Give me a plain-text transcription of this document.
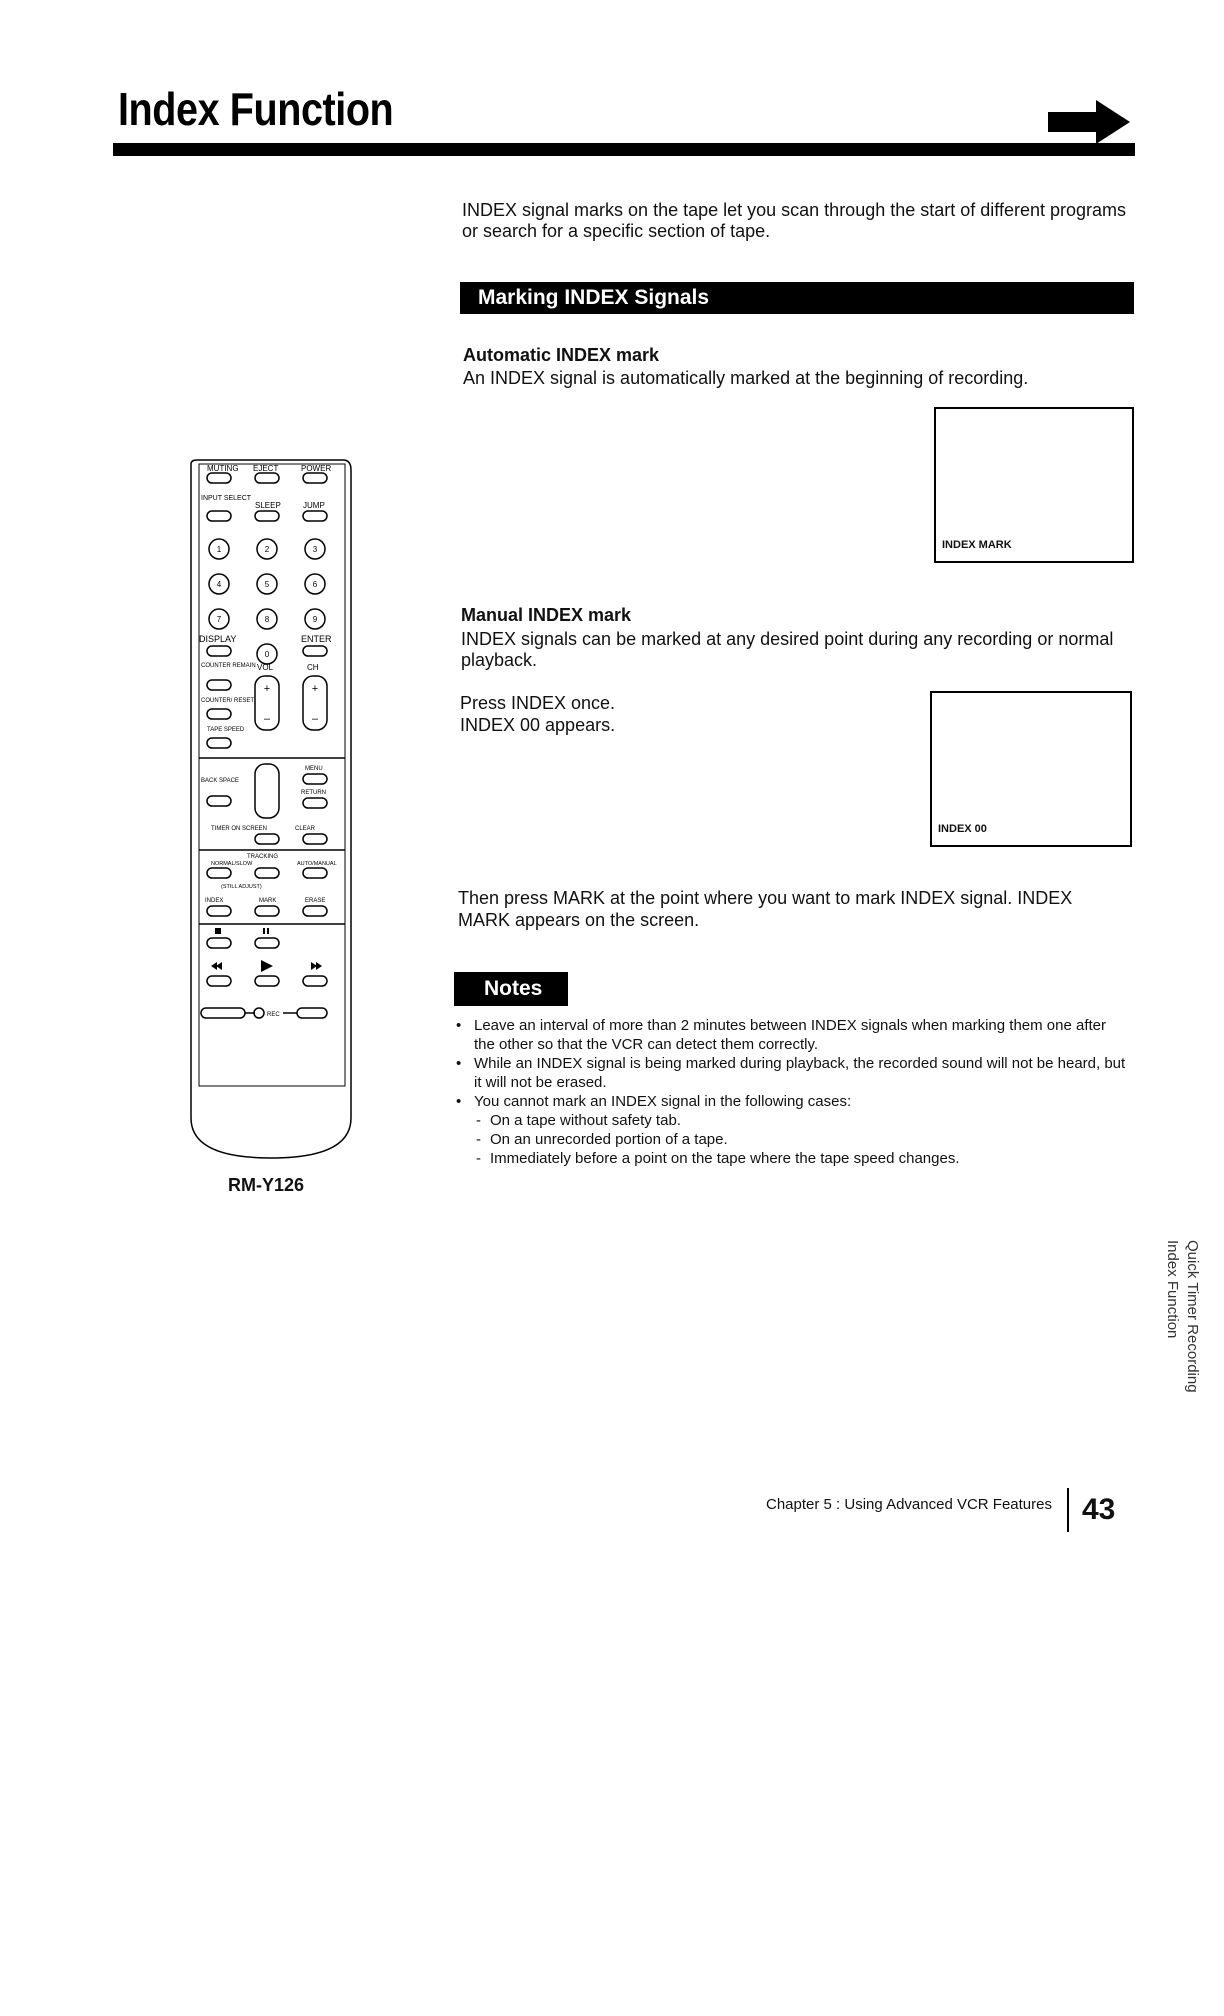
Index Function
INDEX signal marks on the tape let you scan through the start of different programs or search for a specific section of tape.
Marking INDEX Signals
Automatic INDEX mark
An INDEX signal is automatically marked at the beginning of recording.
INDEX MARK
Manual INDEX mark
INDEX signals can be marked at any desired point during any recording or normal playback.
Press INDEX once.
INDEX 00 appears.
INDEX 00
Then press MARK at the point where you want to mark INDEX signal. INDEX MARK appears on the screen.
Notes
• Leave an interval of more than 2 minutes between INDEX signals when marking them one after the other so that the VCR can detect them correctly.
• While an INDEX signal is being marked during playback, the recorded sound will not be heard, but it will not be erased.
• You cannot mark an INDEX signal in the following cases:
- On a tape without safety tab.
- On an unrecorded portion of a tape.
- Immediately before a point on the tape where the tape speed changes.
MUTING EJECT	POWER
INPUT SELECT
SLEEP	JUMP
1	2	3
4	5	6
7	8	9
0
DISPLAY	ENTER
COUNTER REMAIN VOL	CH
+
–
+
–
COUNTER/ RESET
TAPE SPEED
MENU
BACK SPACE
RETURN
TIMER ON SCREEN	CLEAR
TRACKING
NORMAL/SLOW	AUTO/MANUAL
(STILL ADJUST)
INDEX	MARK	ERASE
REC
RM-Y126
Quick Timer Recording
Index Function
Chapter 5 : Using Advanced VCR Features 43
